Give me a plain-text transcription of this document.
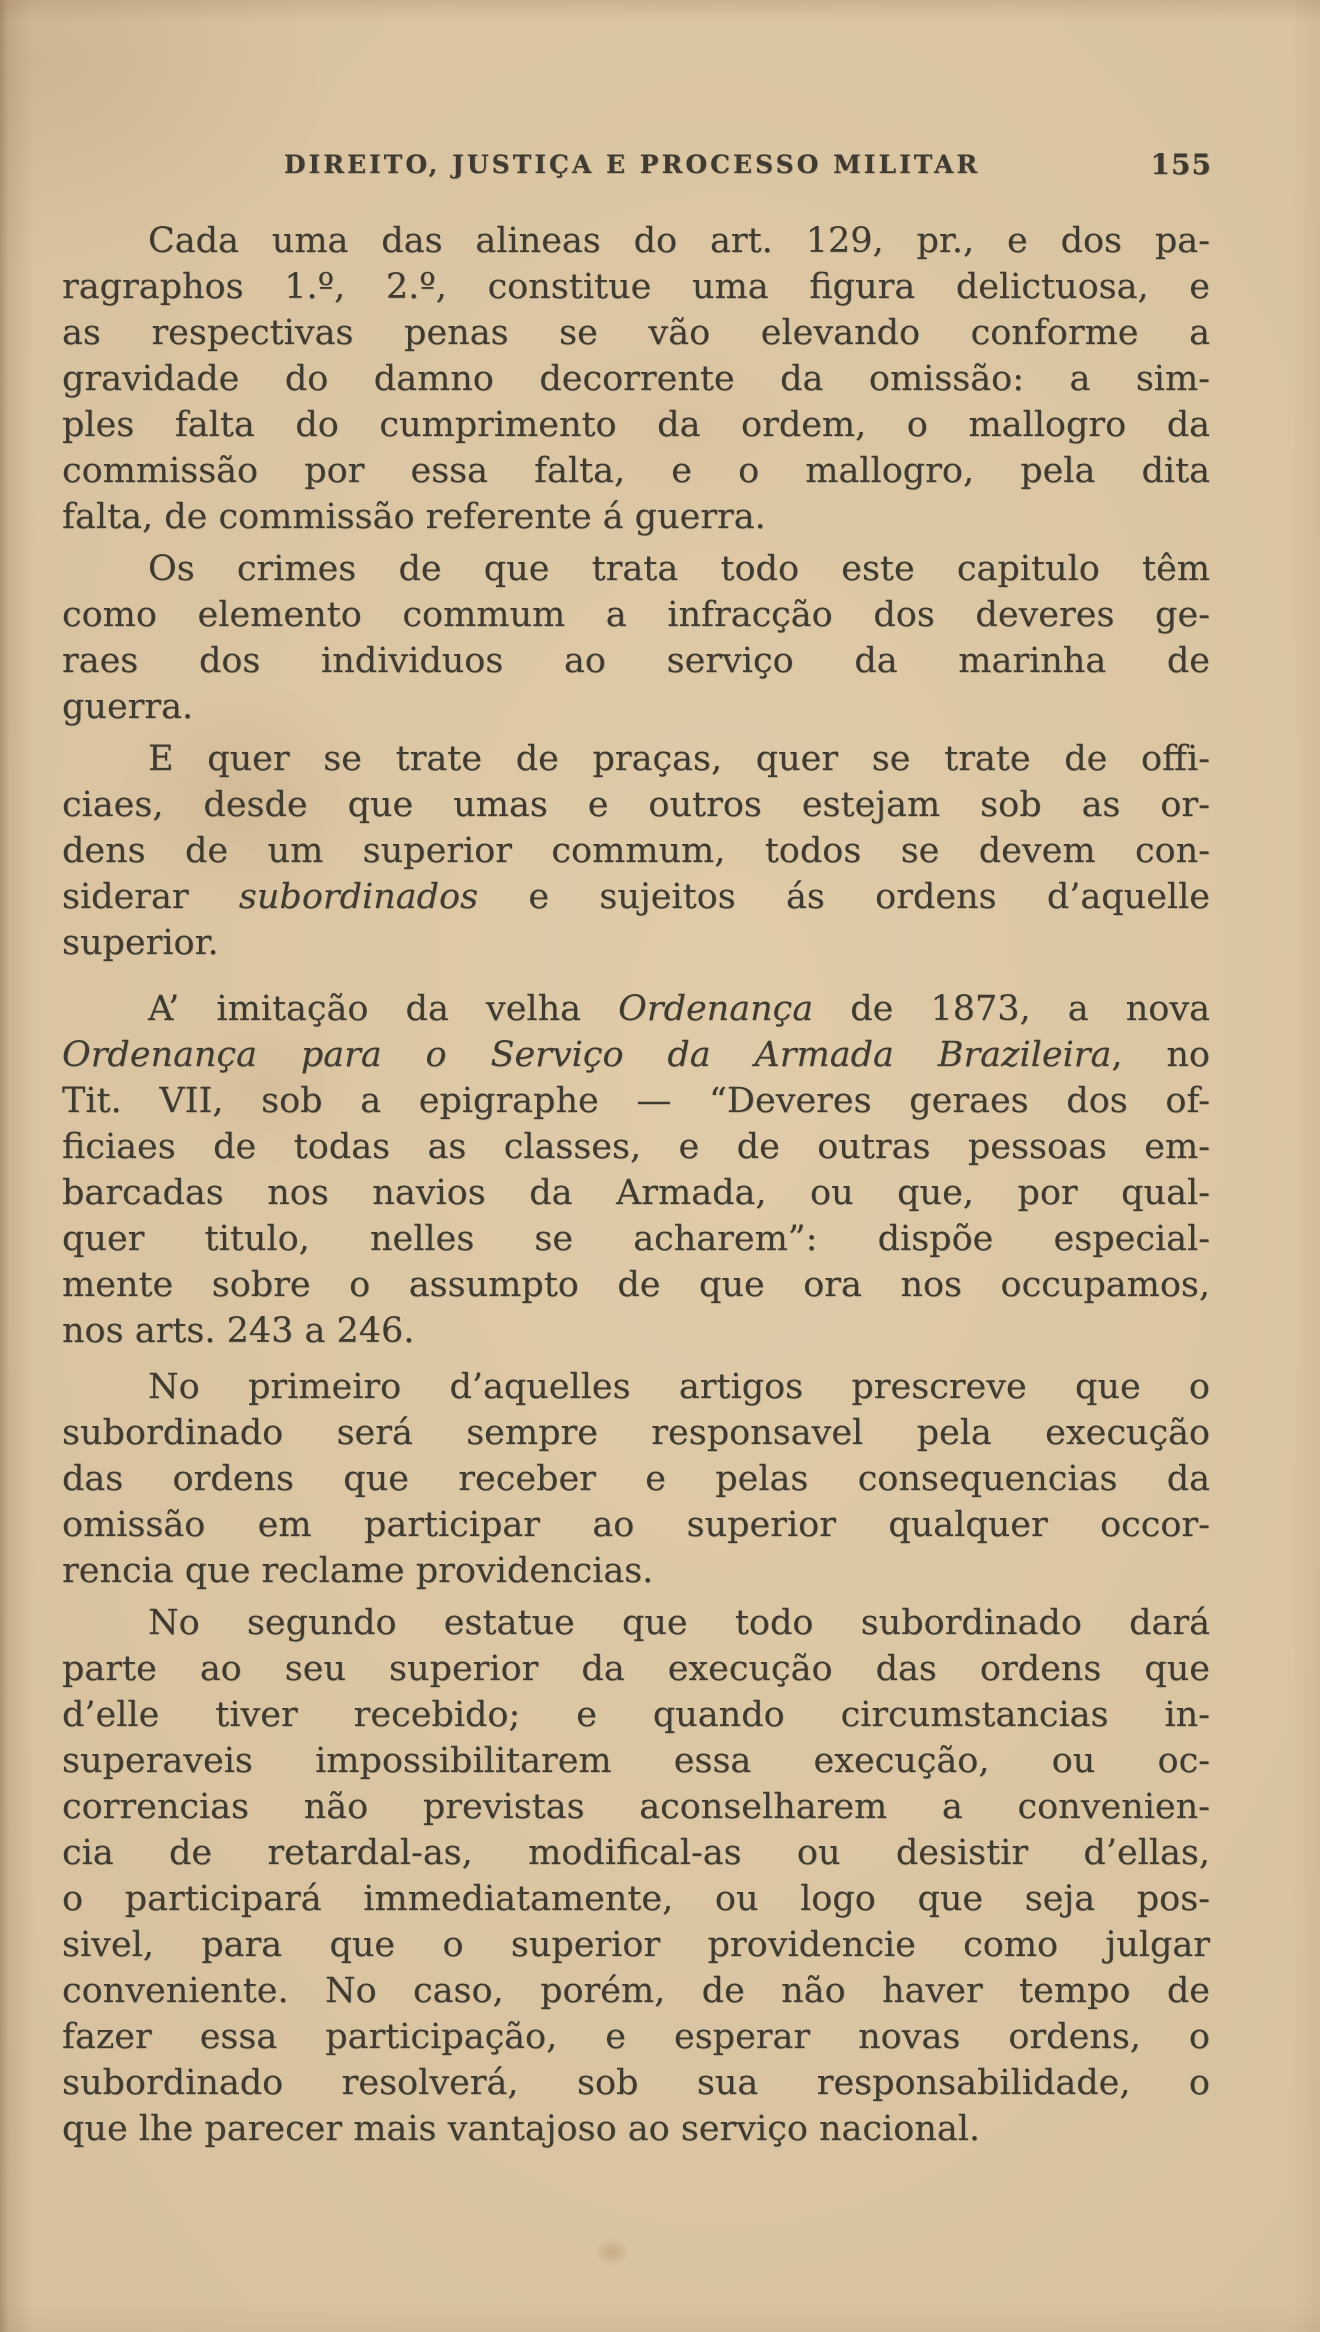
DIREITO, JUSTIÇA E PROCESSO MILITAR	155
Cada uma das alineas do art. 129, pr., e dos pa-
ragraphos 1.º, 2.º, constitue uma figura delictuosa, e
as respectivas penas se vão elevando conforme a
gravidade do damno decorrente da omissão: a sim-
ples falta do cumprimento da ordem, o mallogro da
commissão por essa falta, e o mallogro, pela dita
falta, de commissão referente á guerra.
Os crimes de que trata todo este capitulo têm
como elemento commum a infracção dos deveres ge-
raes dos individuos ao serviço da marinha de
guerra.
E quer se trate de praças, quer se trate de offi-
ciaes, desde que umas e outros estejam sob as or-
dens de um superior commum, todos se devem con-
siderar subordinados e sujeitos ás ordens d’aquelle
superior.
A’ imitação da velha Ordenança de 1873, a nova
Ordenança para o Serviço da Armada Brazileira, no
Tit. VII, sob a epigraphe — “Deveres geraes dos of-
ficiaes de todas as classes, e de outras pessoas em-
barcadas nos navios da Armada, ou que, por qual-
quer titulo, nelles se acharem”: dispõe especial-
mente sobre o assumpto de que ora nos occupamos,
nos arts. 243 a 246.
No primeiro d’aquelles artigos prescreve que o
subordinado será sempre responsavel pela execução
das ordens que receber e pelas consequencias da
omissão em participar ao superior qualquer occor-
rencia que reclame providencias.
No segundo estatue que todo subordinado dará
parte ao seu superior da execução das ordens que
d’elle tiver recebido; e quando circumstancias in-
superaveis impossibilitarem essa execução, ou oc-
correncias não previstas aconselharem a convenien-
cia de retardal-as, modifical-as ou desistir d’ellas,
o participará immediatamente, ou logo que seja pos-
sivel, para que o superior providencie como julgar
conveniente. No caso, porém, de não haver tempo de
fazer essa participação, e esperar novas ordens, o
subordinado resolverá, sob sua responsabilidade, o
que lhe parecer mais vantajoso ao serviço nacional.
